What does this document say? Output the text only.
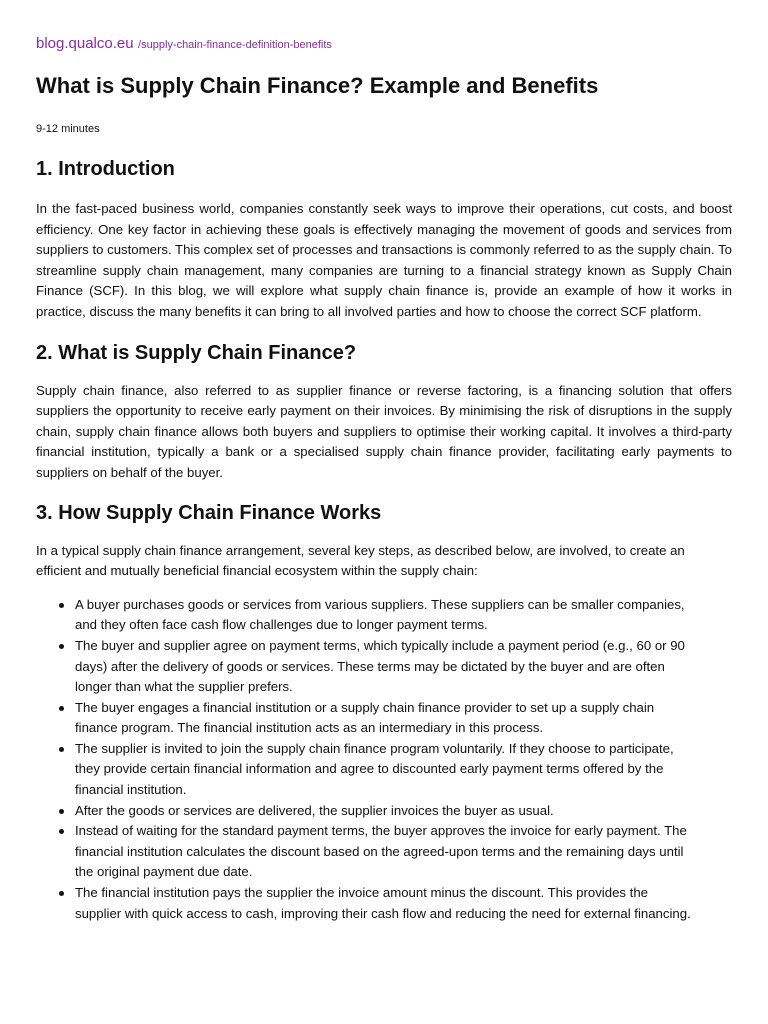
blog.qualco.eu /supply-chain-finance-definition-benefits

What is Supply Chain Finance? Example and Benefits
9-12 minutes
1. Introduction

In the fast-paced business world, companies constantly seek ways to improve their operations, cut costs, and boost efficiency. One key factor in achieving these goals is effectively managing the movement of goods and services from suppliers to customers. This complex set of processes and transactions is commonly referred to as the supply chain. To streamline supply chain management, many companies are turning to a financial strategy known as Supply Chain Finance (SCF). In this blog, we will explore what supply chain finance is, provide an example of how it works in practice, discuss the many benefits it can bring to all involved parties and how to choose the correct SCF platform.

2. What is Supply Chain Finance?

Supply chain finance, also referred to as supplier finance or reverse factoring, is a financing solution that offers suppliers the opportunity to receive early payment on their invoices. By minimising the risk of disruptions in the supply chain, supply chain finance allows both buyers and suppliers to optimise their working capital. It involves a third-party financial institution, typically a bank or a specialised supply chain finance provider, facilitating early payments to suppliers on behalf of the buyer.

3. How Supply Chain Finance Works

In a typical supply chain finance arrangement, several key steps, as described below, are involved, to create an efficient and mutually beneficial financial ecosystem within the supply chain:

A buyer purchases goods or services from various suppliers. These suppliers can be smaller companies, and they often face cash flow challenges due to longer payment terms.
The buyer and supplier agree on payment terms, which typically include a payment period (e.g., 60 or 90 days) after the delivery of goods or services. These terms may be dictated by the buyer and are often longer than what the supplier prefers.
The buyer engages a financial institution or a supply chain finance provider to set up a supply chain finance program. The financial institution acts as an intermediary in this process.
The supplier is invited to join the supply chain finance program voluntarily. If they choose to participate, they provide certain financial information and agree to discounted early payment terms offered by the financial institution.
After the goods or services are delivered, the supplier invoices the buyer as usual.
Instead of waiting for the standard payment terms, the buyer approves the invoice for early payment. The financial institution calculates the discount based on the agreed-upon terms and the remaining days until the original payment due date.
The financial institution pays the supplier the invoice amount minus the discount. This provides the supplier with quick access to cash, improving their cash flow and reducing the need for external financing.
